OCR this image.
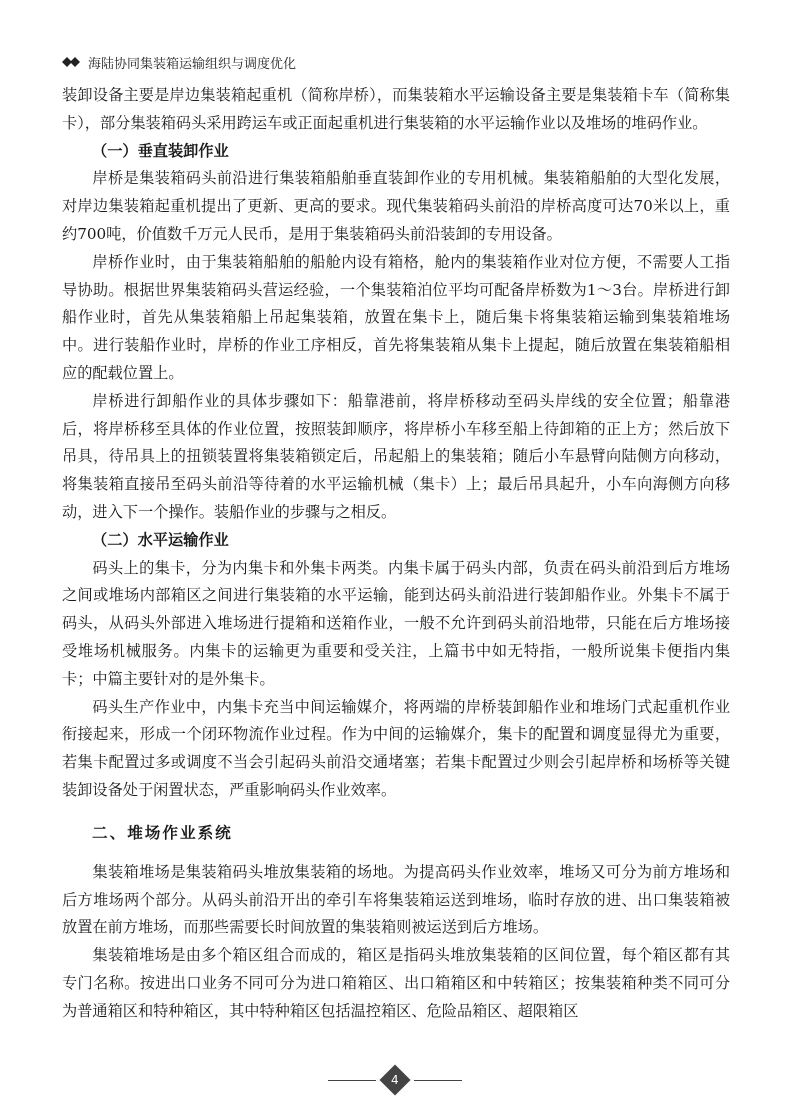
海陆协同集装箱运输组织与调度优化

装卸设备主要是岸边集装箱起重机（简称岸桥），而集装箱水平运输设备主要是集装箱卡车（简称集卡），部分集装箱码头采用跨运车或正面起重机进行集装箱的水平运输作业以及堆场的堆码作业。

（一）垂直装卸作业

岸桥是集装箱码头前沿进行集装箱船舶垂直装卸作业的专用机械。集装箱船舶的大型化发展，对岸边集装箱起重机提出了更新、更高的要求。现代集装箱码头前沿的岸桥高度可达70米以上，重约700吨，价值数千万元人民币，是用于集装箱码头前沿装卸的专用设备。

岸桥作业时，由于集装箱船舶的船舱内设有箱格，舱内的集装箱作业对位方便，不需要人工指导协助。根据世界集装箱码头营运经验，一个集装箱泊位平均可配备岸桥数为1～3台。岸桥进行卸船作业时，首先从集装箱船上吊起集装箱，放置在集卡上，随后集卡将集装箱运输到集装箱堆场中。进行装船作业时，岸桥的作业工序相反，首先将集装箱从集卡上提起，随后放置在集装箱船相应的配载位置上。

岸桥进行卸船作业的具体步骤如下：船靠港前，将岸桥移动至码头岸线的安全位置；船靠港后，将岸桥移至具体的作业位置，按照装卸顺序，将岸桥小车移至船上待卸箱的正上方；然后放下吊具，待吊具上的扭锁装置将集装箱锁定后，吊起船上的集装箱；随后小车悬臂向陆侧方向移动，将集装箱直接吊至码头前沿等待着的水平运输机械（集卡）上；最后吊具起升，小车向海侧方向移动，进入下一个操作。装船作业的步骤与之相反。

（二）水平运输作业

码头上的集卡，分为内集卡和外集卡两类。内集卡属于码头内部，负责在码头前沿到后方堆场之间或堆场内部箱区之间进行集装箱的水平运输，能到达码头前沿进行装卸船作业。外集卡不属于码头，从码头外部进入堆场进行提箱和送箱作业，一般不允许到码头前沿地带，只能在后方堆场接受堆场机械服务。内集卡的运输更为重要和受关注，上篇书中如无特指，一般所说集卡便指内集卡；中篇主要针对的是外集卡。

码头生产作业中，内集卡充当中间运输媒介，将两端的岸桥装卸船作业和堆场门式起重机作业衔接起来，形成一个闭环物流作业过程。作为中间的运输媒介，集卡的配置和调度显得尤为重要，若集卡配置过多或调度不当会引起码头前沿交通堵塞；若集卡配置过少则会引起岸桥和场桥等关键装卸设备处于闲置状态，严重影响码头作业效率。

二、堆场作业系统

集装箱堆场是集装箱码头堆放集装箱的场地。为提高码头作业效率，堆场又可分为前方堆场和后方堆场两个部分。从码头前沿开出的牵引车将集装箱运送到堆场，临时存放的进、出口集装箱被放置在前方堆场，而那些需要长时间放置的集装箱则被运送到后方堆场。

集装箱堆场是由多个箱区组合而成的，箱区是指码头堆放集装箱的区间位置，每个箱区都有其专门名称。按进出口业务不同可分为进口箱箱区、出口箱箱区和中转箱区；按集装箱种类不同可分为普通箱区和特种箱区，其中特种箱区包括温控箱区、危险品箱区、超限箱区

4
